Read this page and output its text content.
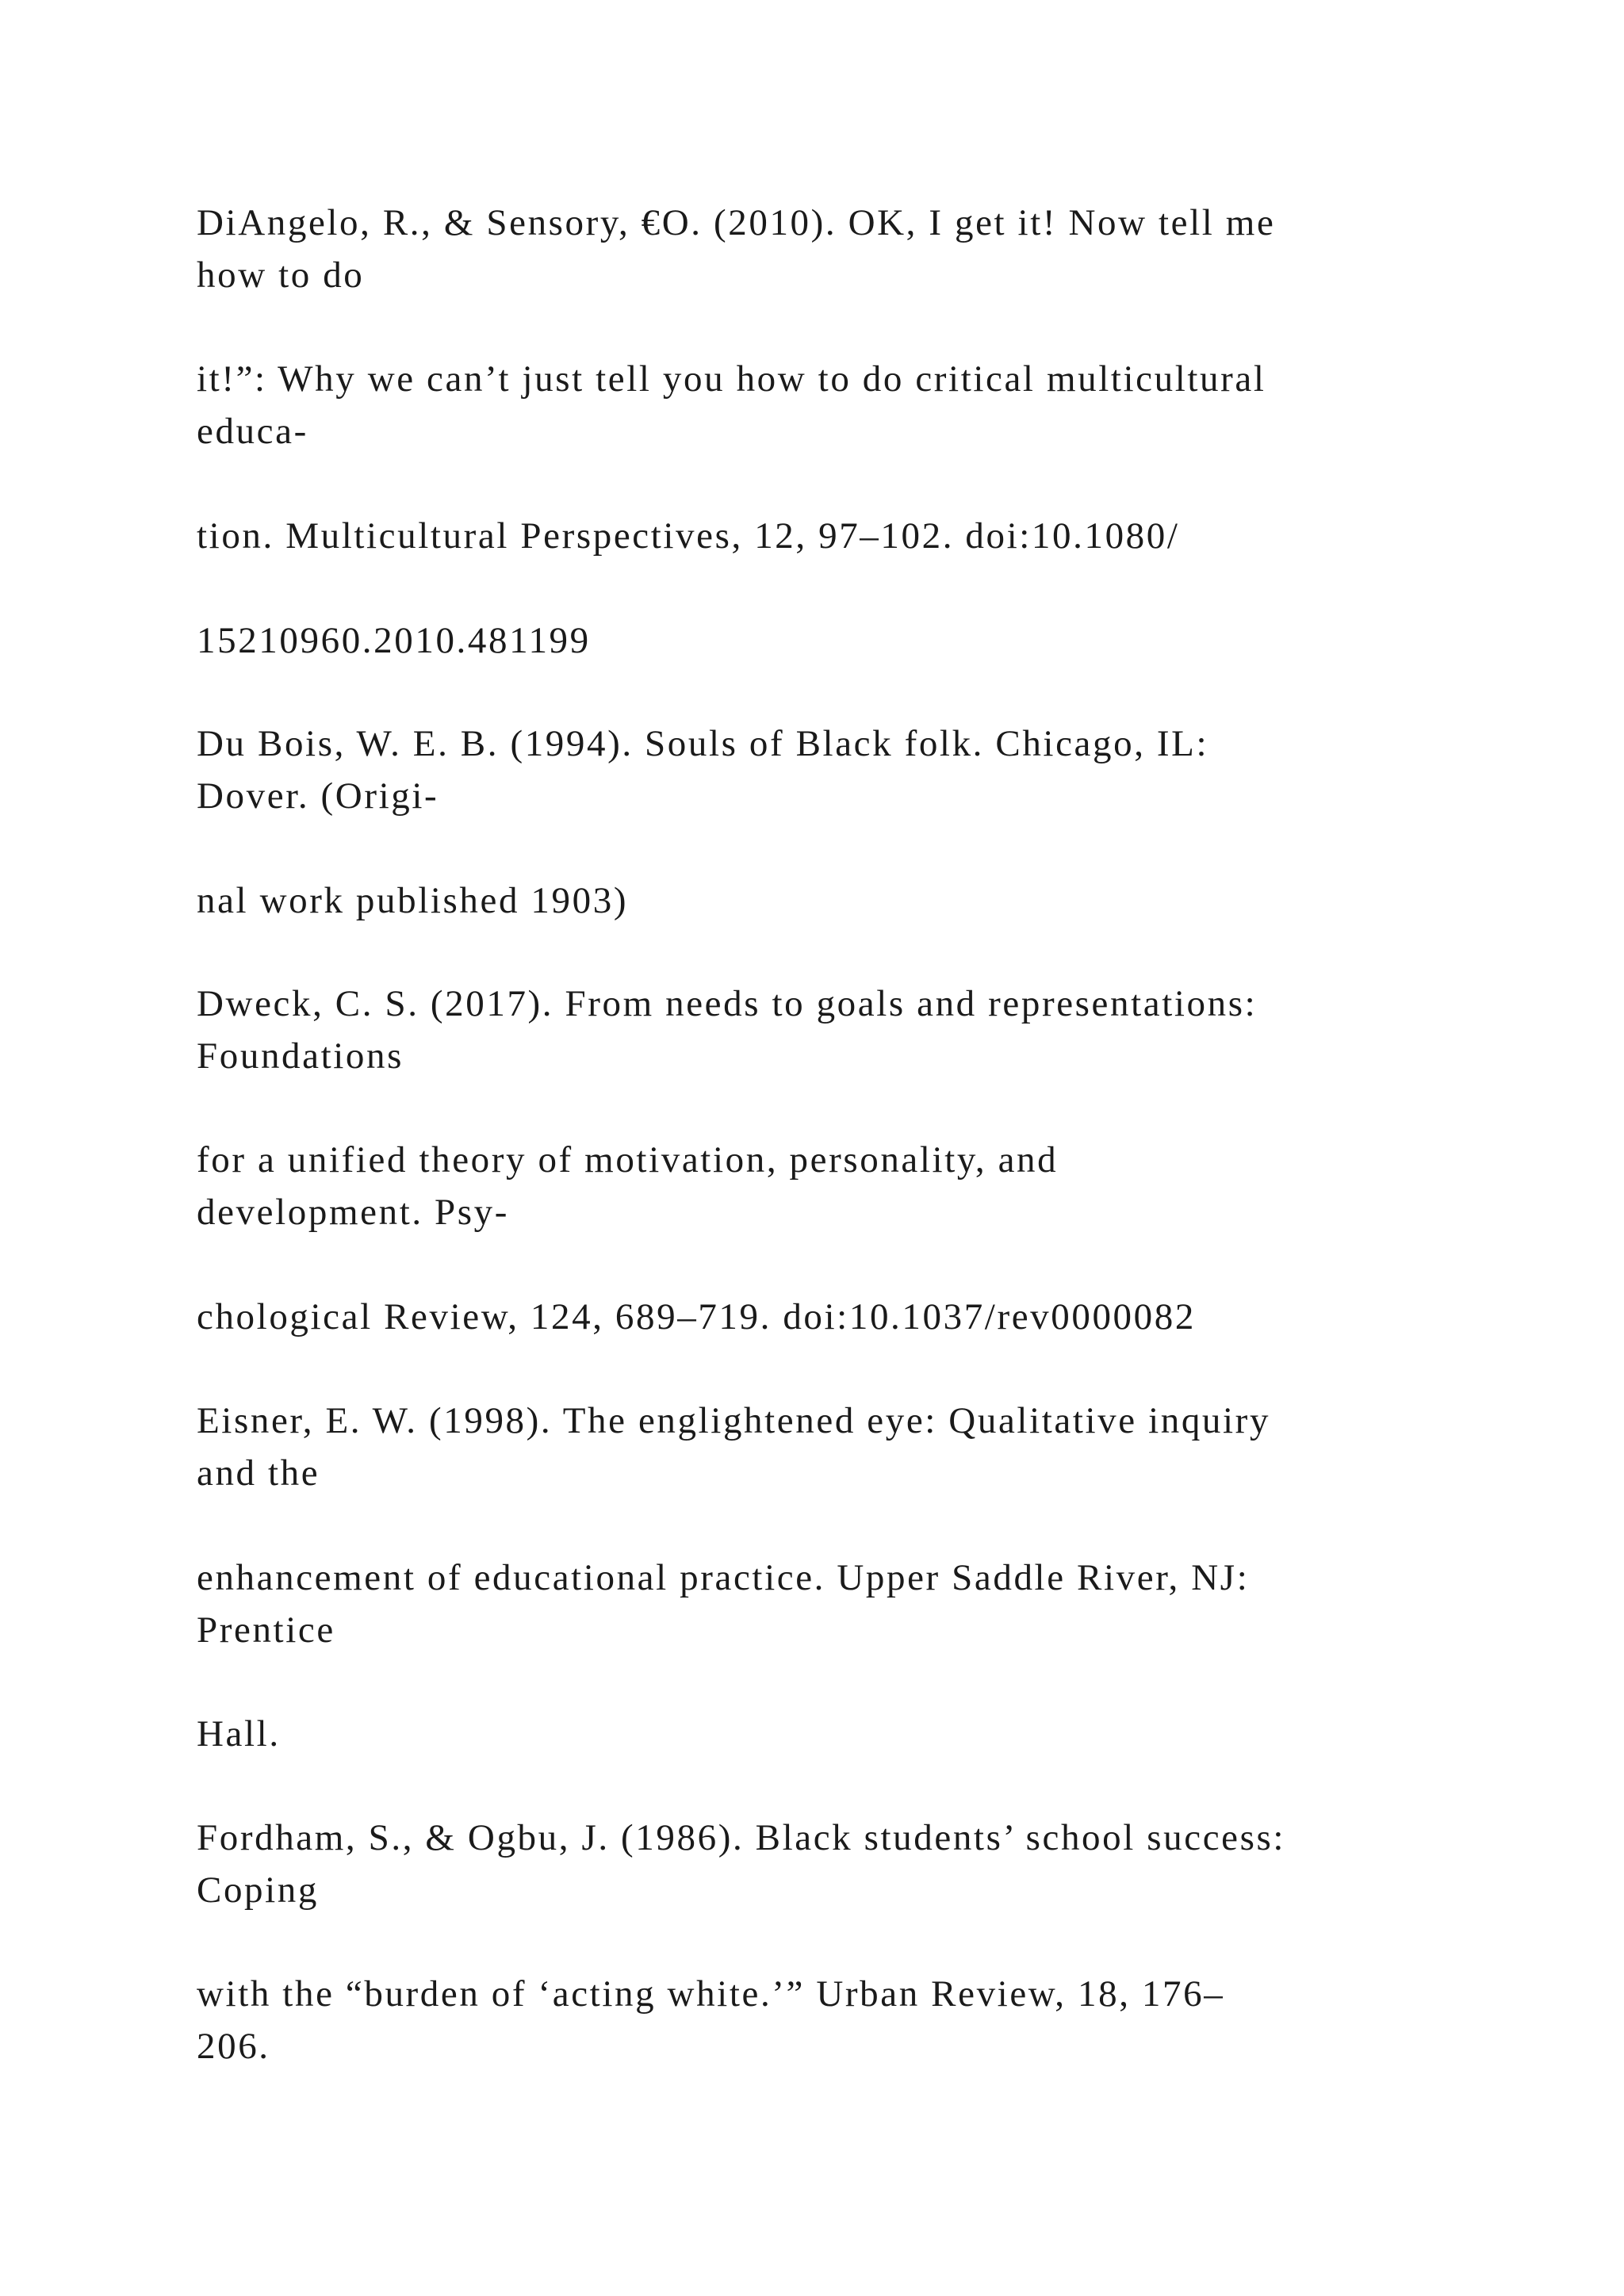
DiAngelo, R., & Sensory, €O. (2010). OK, I get it! Now tell me
how to do

it!”: Why we can’t just tell you how to do critical multicultural
educa-

tion. Multicultural Perspectives, 12, 97–102. doi:10.1080/

15210960.2010.481199

Du Bois, W. E. B. (1994). Souls of Black folk. Chicago, IL:
Dover. (Origi-

nal work published 1903)

Dweck, C. S. (2017). From needs to goals and representations:
Foundations

for a unified theory of motivation, personality, and
development. Psy-

chological Review, 124, 689–719. doi:10.1037/rev0000082

Eisner, E. W. (1998). The englightened eye: Qualitative inquiry
and the

enhancement of educational practice. Upper Saddle River, NJ:
Prentice

Hall.

Fordham, S., & Ogbu, J. (1986). Black students’ school success:
Coping

with the “burden of ‘acting white.’” Urban Review, 18, 176–
206.
